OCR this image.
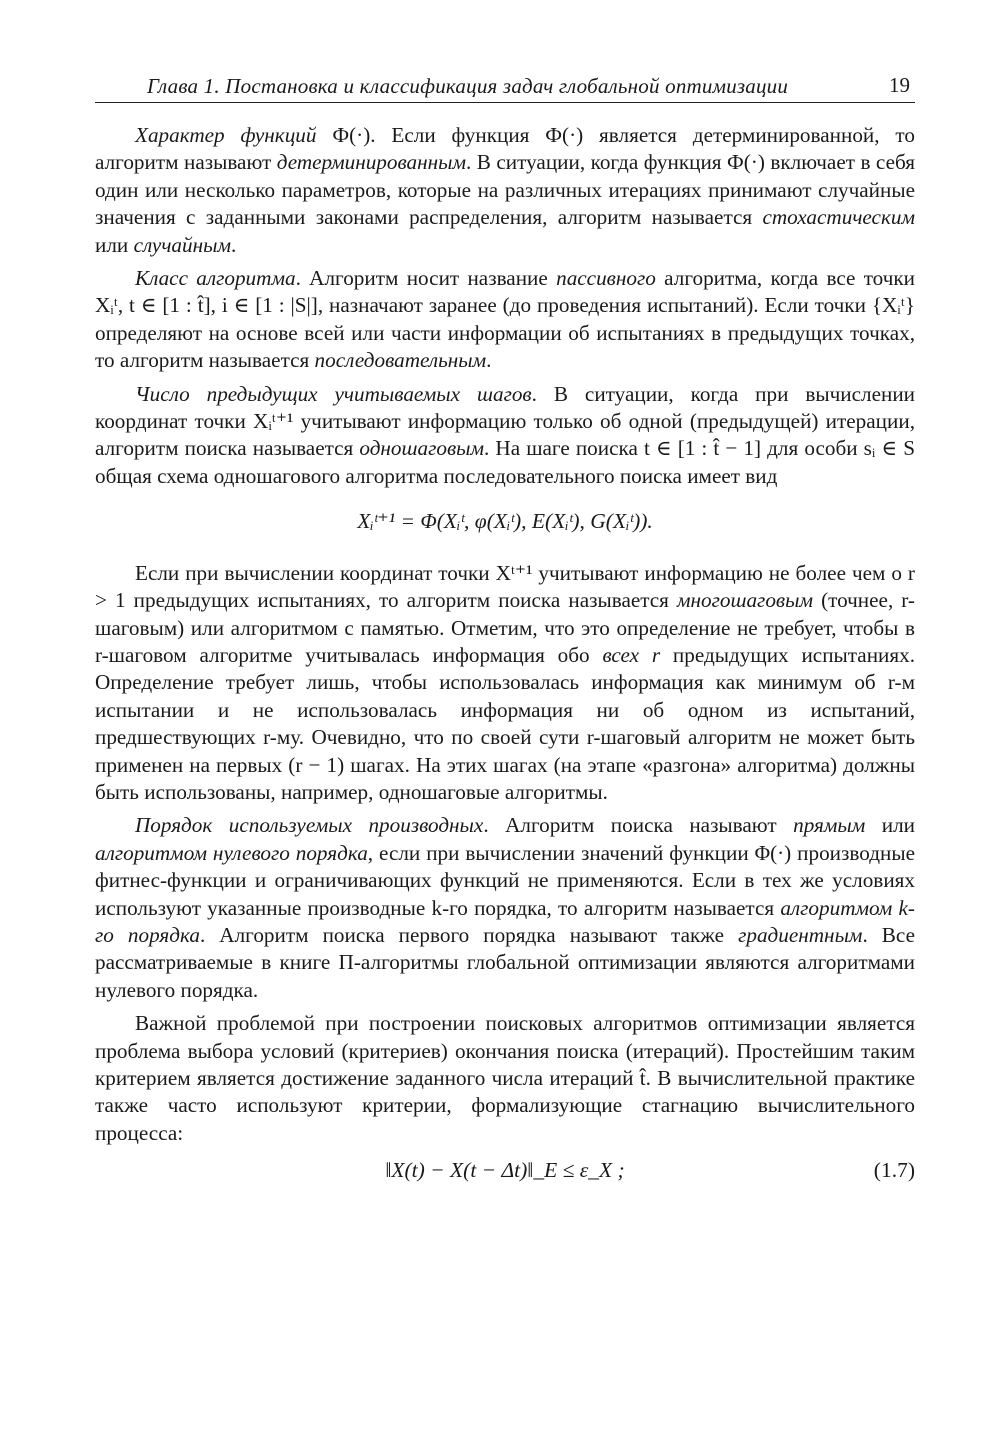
Глава 1. Постановка и классификация задач глобальной оптимизации	19

Характер функций Ф(·). Если функция Ф(·) является детерминированной, то алгоритм называют детерминированным. В ситуации, когда функция Ф(·) включает в себя один или несколько параметров, которые на различных итерациях принимают случайные значения с заданными законами распределения, алгоритм называется стохастическим или случайным.

Класс алгоритма. Алгоритм носит название пассивного алгоритма, когда все точки Xᵢᵗ, t ∈ [1 : t̂], i ∈ [1 : |S|], назначают заранее (до проведения испытаний). Если точки {Xᵢᵗ} определяют на основе всей или части информации об испытаниях в предыдущих точках, то алгоритм называется последовательным.

Число предыдущих учитываемых шагов. В ситуации, когда при вычислении координат точки Xᵢᵗ⁺¹ учитывают информацию только об одной (предыдущей) итерации, алгоритм поиска называется одношаговым. На шаге поиска t ∈ [1 : t̂ − 1] для особи sᵢ ∈ S общая схема одношагового алгоритма последовательного поиска имеет вид

Xᵢᵗ⁺¹ = Φ(Xᵢᵗ, φ(Xᵢᵗ), E(Xᵢᵗ), G(Xᵢᵗ)).

Если при вычислении координат точки Xᵗ⁺¹ учитывают информацию не более чем о r > 1 предыдущих испытаниях, то алгоритм поиска называется многошаговым (точнее, r-шаговым) или алгоритмом с памятью. Отметим, что это определение не требует, чтобы в r-шаговом алгоритме учитывалась информация обо всех r предыдущих испытаниях. Определение требует лишь, чтобы использовалась информация как минимум об r-м испытании и не использовалась информация ни об одном из испытаний, предшествующих r-му. Очевидно, что по своей сути r-шаговый алгоритм не может быть применен на первых (r − 1) шагах. На этих шагах (на этапе «разгона» алгоритма) должны быть использованы, например, одношаговые алгоритмы.

Порядок используемых производных. Алгоритм поиска называют прямым или алгоритмом нулевого порядка, если при вычислении значений функции Φ(·) производные фитнес-функции и ограничивающих функций не применяются. Если в тех же условиях используют указанные производные k-го порядка, то алгоритм называется алгоритмом k-го порядка. Алгоритм поиска первого порядка называют также градиентным. Все рассматриваемые в книге П-алгоритмы глобальной оптимизации являются алгоритмами нулевого порядка.

Важной проблемой при построении поисковых алгоритмов оптимизации является проблема выбора условий (критериев) окончания поиска (итераций). Простейшим таким критерием является достижение заданного числа итераций t̂. В вычислительной практике также часто используют критерии, формализующие стагнацию вычислительного процесса:

‖X(t) − X(t − Δt)‖_E ≤ ε_X ;	(1.7)
